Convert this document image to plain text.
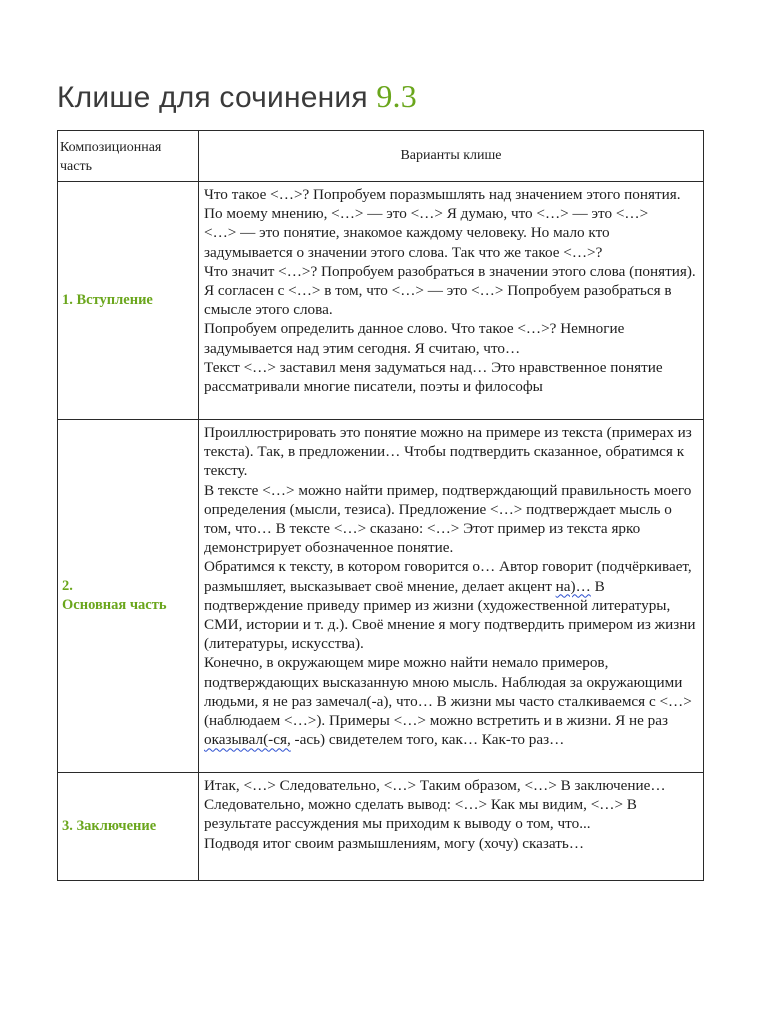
Клише для сочинения 9.3
Композиционная часть	Варианты клише
1. Вступление	Что такое <…>? Попробуем поразмышлять над значением этого понятия. По моему мнению, <…> — это <…> Я думаю, что <…> — это <…>
<…> — это понятие, знакомое каждому человеку. Но мало кто задумывается о значении этого слова. Так что же такое <…>?
Что значит <…>? Попробуем разобраться в значении этого слова (понятия). Я согласен с <…> в том, что <…> — это <…> Попробуем разобраться в смысле этого слова.
Попробуем определить данное слово. Что такое <…>? Немногие задумывается над этим сегодня. Я считаю, что…
Текст <…> заставил меня задуматься над… Это нравственное понятие рассматривали многие писатели, поэты и философы

2.
Основная часть	Проиллюстрировать это понятие можно на примере из текста (примерах из текста). Так, в предложении… Чтобы подтвердить сказанное, обратимся к тексту.
В тексте <…> можно найти пример, подтверждающий правильность моего определения (мысли, тезиса). Предложение <…> подтверждает мысль о том, что… В тексте <…> сказано: <…> Этот пример из текста ярко демонстрирует обозначенное понятие.
Обратимся к тексту, в котором говорится о… Автор говорит (подчёркивает, размышляет, высказывает своё мнение, делает акцент на)… В подтверждение приведу пример из жизни (художественной литературы, СМИ, истории и т. д.). Своё мнение я могу подтвердить примером из жизни (литературы, искусства).
Конечно, в окружающем мире можно найти немало примеров, подтверждающих высказанную мною мысль. Наблюдая за окружающими людьми, я не раз замечал(-а), что… В жизни мы часто сталкиваемся с <…> (наблюдаем <…>). Примеры <…> можно встретить и в жизни. Я не раз оказывал(-ся, -ась) свидетелем того, как… Как-то раз…

3. Заключение	Итак, <…> Следовательно, <…> Таким образом, <…> В заключение… Следовательно, можно сделать вывод: <…> Как мы видим, <…> В результате рассуждения мы приходим к выводу о том, что...
Подводя итог своим размышлениям, могу (хочу) сказать…
